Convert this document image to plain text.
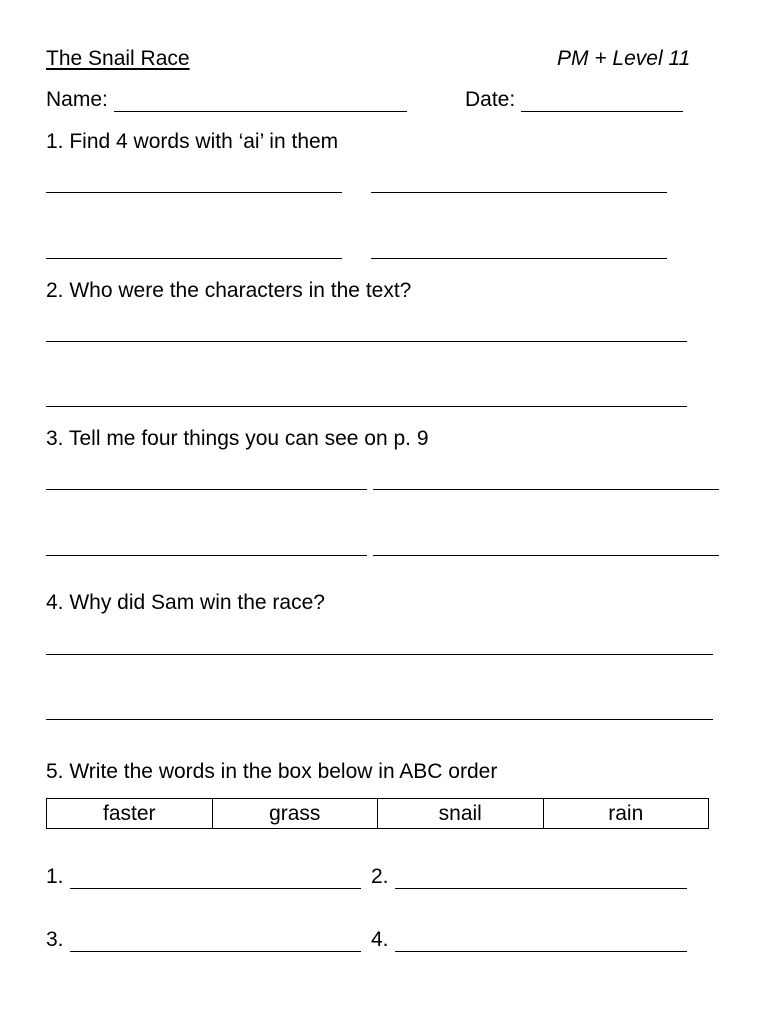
The Snail Race	PM + Level 11
Name:	Date:
1. Find 4 words with ‘ai’ in them
2. Who were the characters in the text?
3. Tell me four things you can see on p. 9
4. Why did Sam win the race?
5. Write the words in the box below in ABC order
faster	grass	snail	rain
1.	2.
3.	4.
